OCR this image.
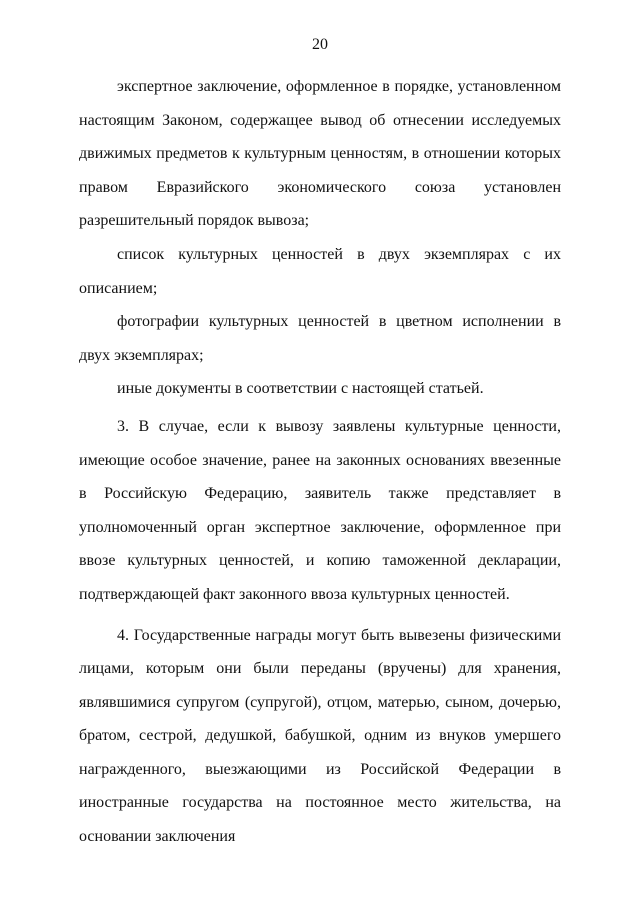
20

экспертное заключение, оформленное в порядке, установленном настоящим Законом, содержащее вывод об отнесении исследуемых движимых предметов к культурным ценностям, в отношении которых правом Евразийского экономического союза установлен разрешительный порядок вывоза;

список культурных ценностей в двух экземплярах с их описанием;

фотографии культурных ценностей в цветном исполнении в двух экземплярах;

иные документы в соответствии с настоящей статьей.

3. В случае, если к вывозу заявлены культурные ценности, имеющие особое значение, ранее на законных основаниях ввезенные в Российскую Федерацию, заявитель также представляет в уполномоченный орган экспертное заключение, оформленное при ввозе культурных ценностей, и копию таможенной декларации, подтверждающей факт законного ввоза культурных ценностей.

4. Государственные награды могут быть вывезены физическими лицами, которым они были переданы (вручены) для хранения, являвшимися супругом (супругой), отцом, матерью, сыном, дочерью, братом, сестрой, дедушкой, бабушкой, одним из внуков умершего награжденного, выезжающими из Российской Федерации в иностранные государства на постоянное место жительства, на основании заключения
